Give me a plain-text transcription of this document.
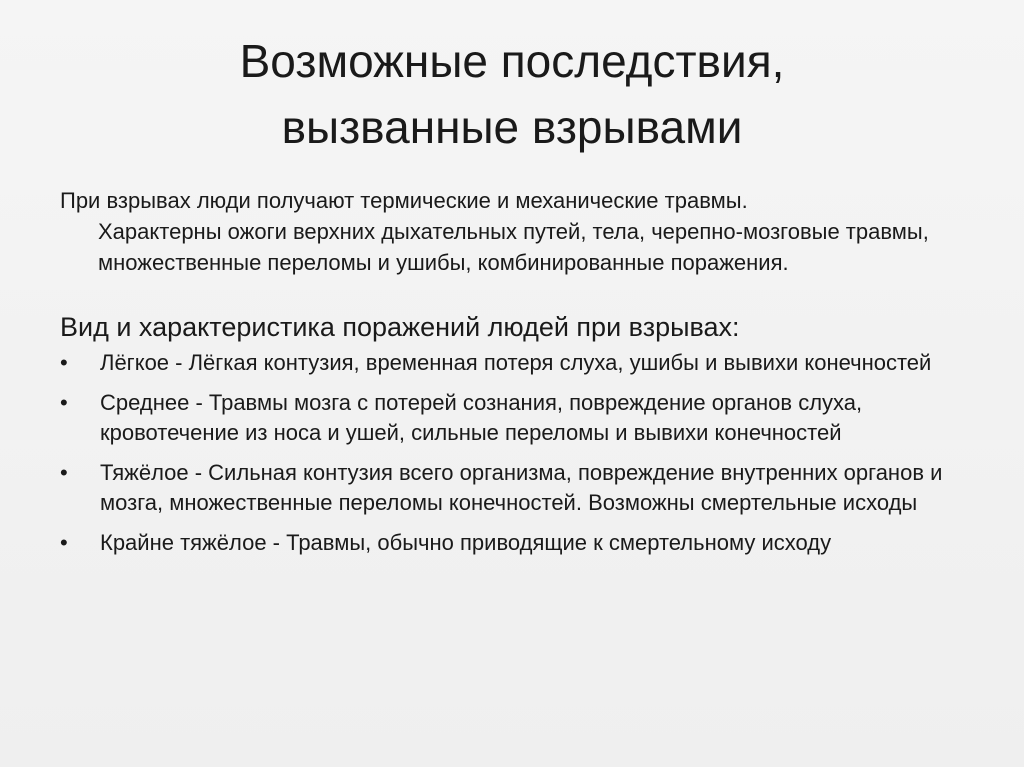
Возможные последствия,
вызванные взрывами
При взрывах люди получают термические и механические травмы.
Характерны ожоги верхних дыхательных путей, тела, черепно-мозговые травмы, множественные переломы и ушибы, комбинированные поражения.
Вид и характеристика поражений людей при взрывах:
•	Лёгкое - Лёгкая контузия, временная потеря слуха, ушибы и вывихи конечностей
•	Среднее - Травмы мозга с потерей сознания, повреждение органов слуха, кровотечение из носа и ушей, сильные переломы и вывихи конечностей
•	Тяжёлое - Сильная контузия всего организма, повреждение внутренних органов и мозга, множественные переломы конечностей. Возможны смертельные исходы
•	Крайне тяжёлое - Травмы, обычно приводящие к смертельному исходу
